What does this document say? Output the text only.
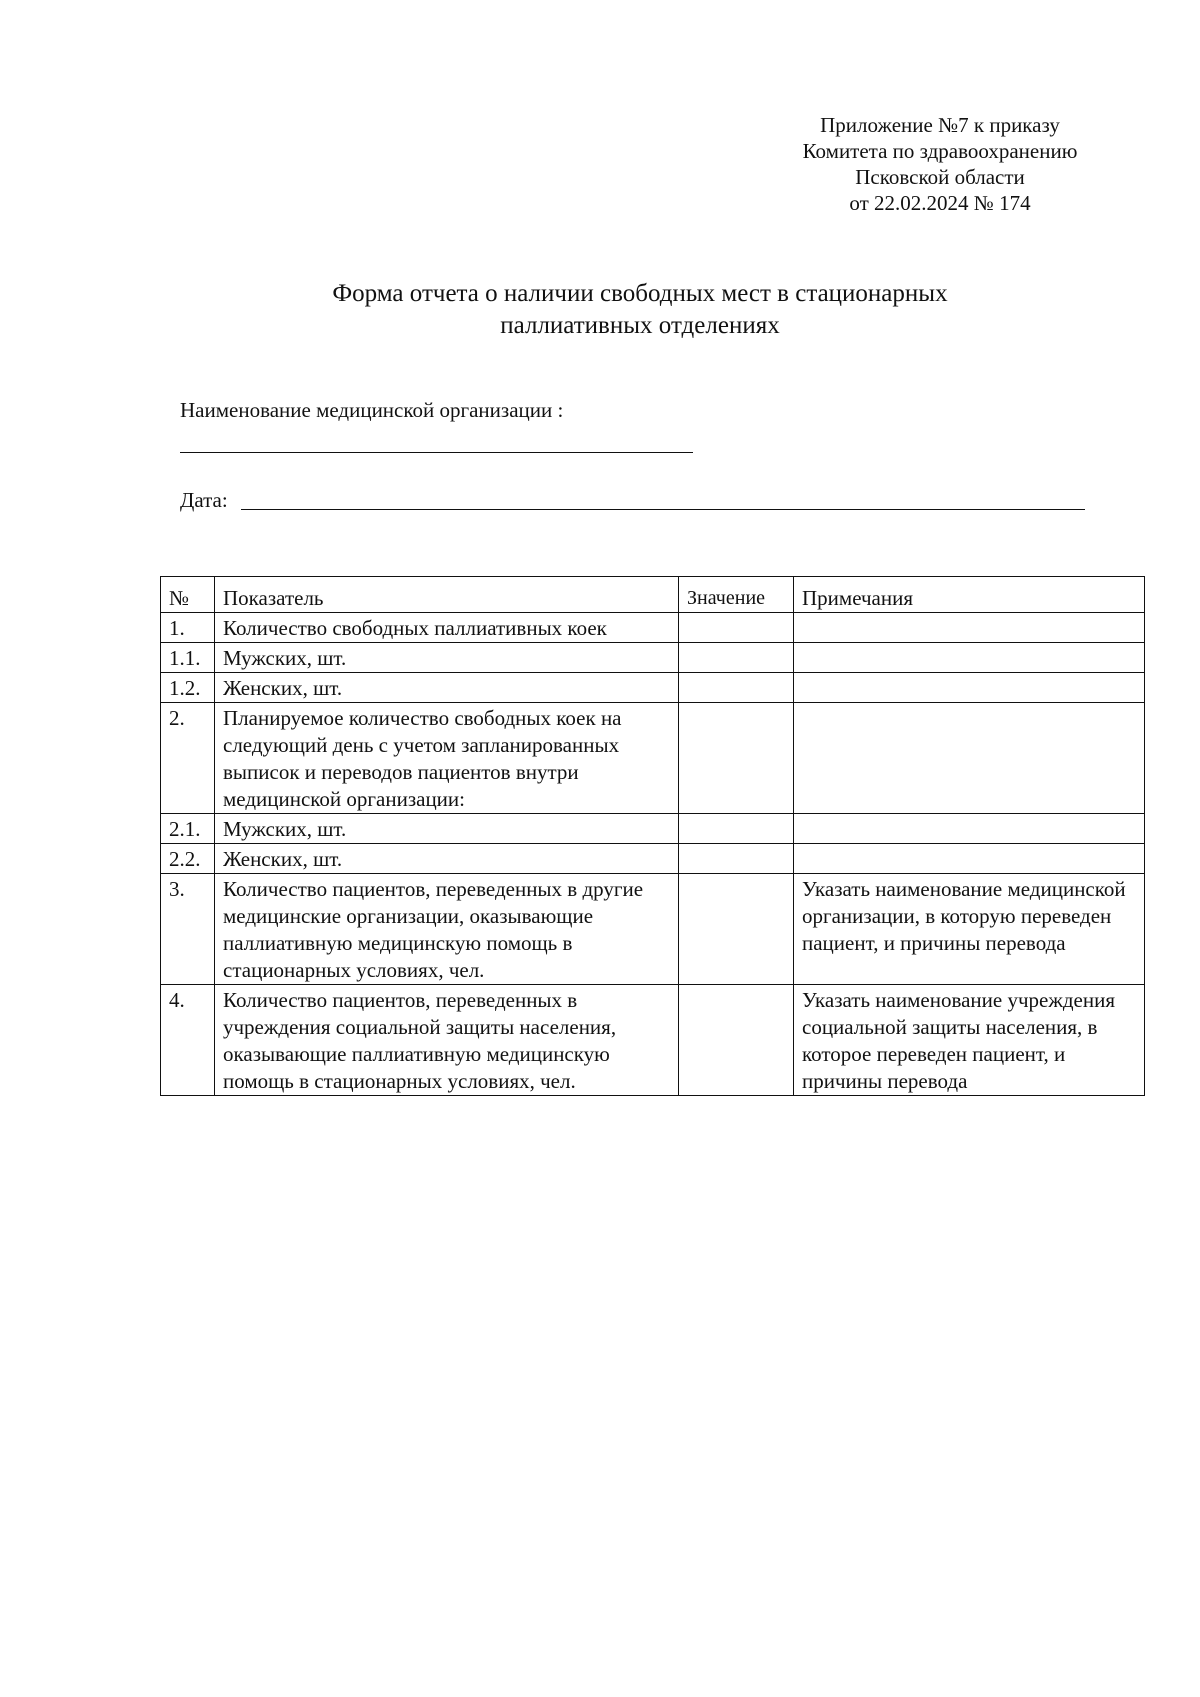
Приложение №7 к приказу
Комитета по здравоохранению
Псковской области
от 22.02.2024 № 174
Форма отчета о наличии свободных мест в стационарных
паллиативных отделениях
Наименование медицинской организации :
Дата:
№	Показатель	Значение	Примечания
1.	Количество свободных паллиативных коек		
1.1.	Мужских, шт.		
1.2.	Женских, шт.		
2.	Планируемое количество свободных коек на следующий день с учетом запланированных выписок и переводов пациентов внутри медицинской организации:		
2.1.	Мужских, шт.		
2.2.	Женских, шт.		
3.	Количество пациентов, переведенных в другие медицинские организации, оказывающие паллиативную медицинскую помощь в стационарных условиях, чел.		Указать наименование медицинской организации, в которую переведен пациент, и причины перевода
4.	Количество пациентов, переведенных в учреждения социальной защиты населения, оказывающие паллиативную медицинскую помощь в стационарных условиях, чел.		Указать наименование учреждения социальной защиты населения, в которое переведен пациент, и причины перевода
